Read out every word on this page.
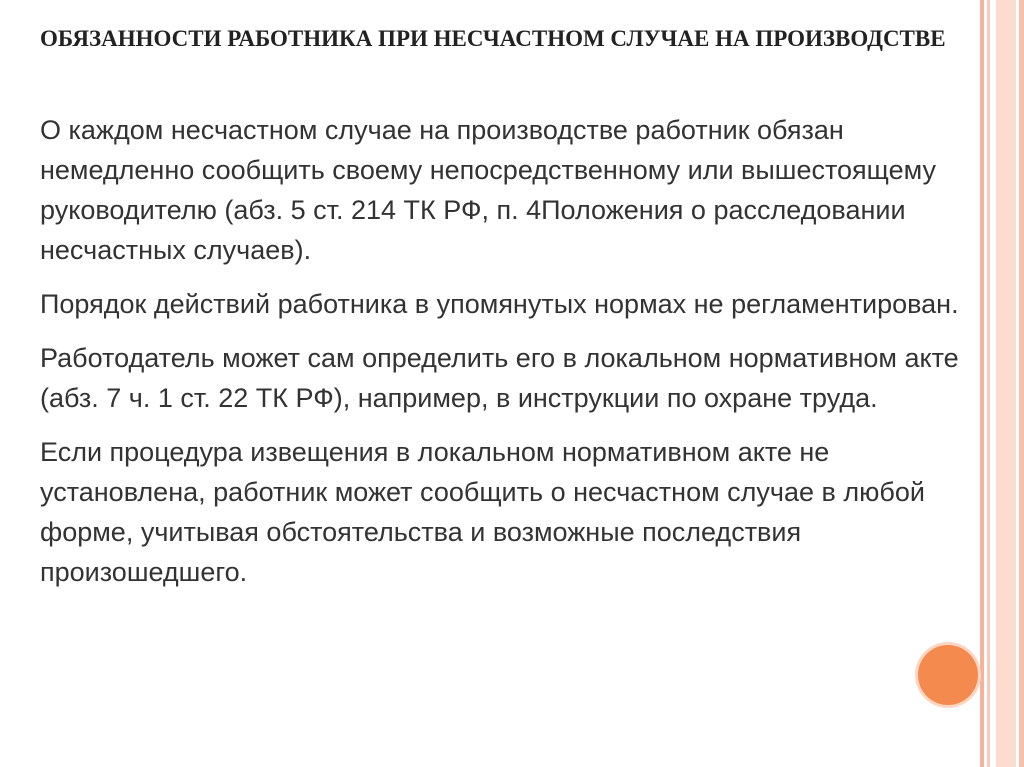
ОБЯЗАННОСТИ РАБОТНИКА ПРИ НЕСЧАСТНОМ СЛУЧАЕ НА ПРОИЗВОДСТВЕ

О каждом несчастном случае на производстве работник обязан немедленно сообщить своему непосредственному или вышестоящему руководителю (абз. 5 ст. 214 ТК РФ, п. 4Положения о расследовании несчастных случаев).

Порядок действий работника в упомянутых нормах не регламентирован.

Работодатель может сам определить его в локальном нормативном акте (абз. 7 ч. 1 ст. 22 ТК РФ), например, в инструкции по охране труда.

Если процедура извещения в локальном нормативном акте не установлена, работник может сообщить о несчастном случае в любой форме, учитывая обстоятельства и возможные последствия произошедшего.
